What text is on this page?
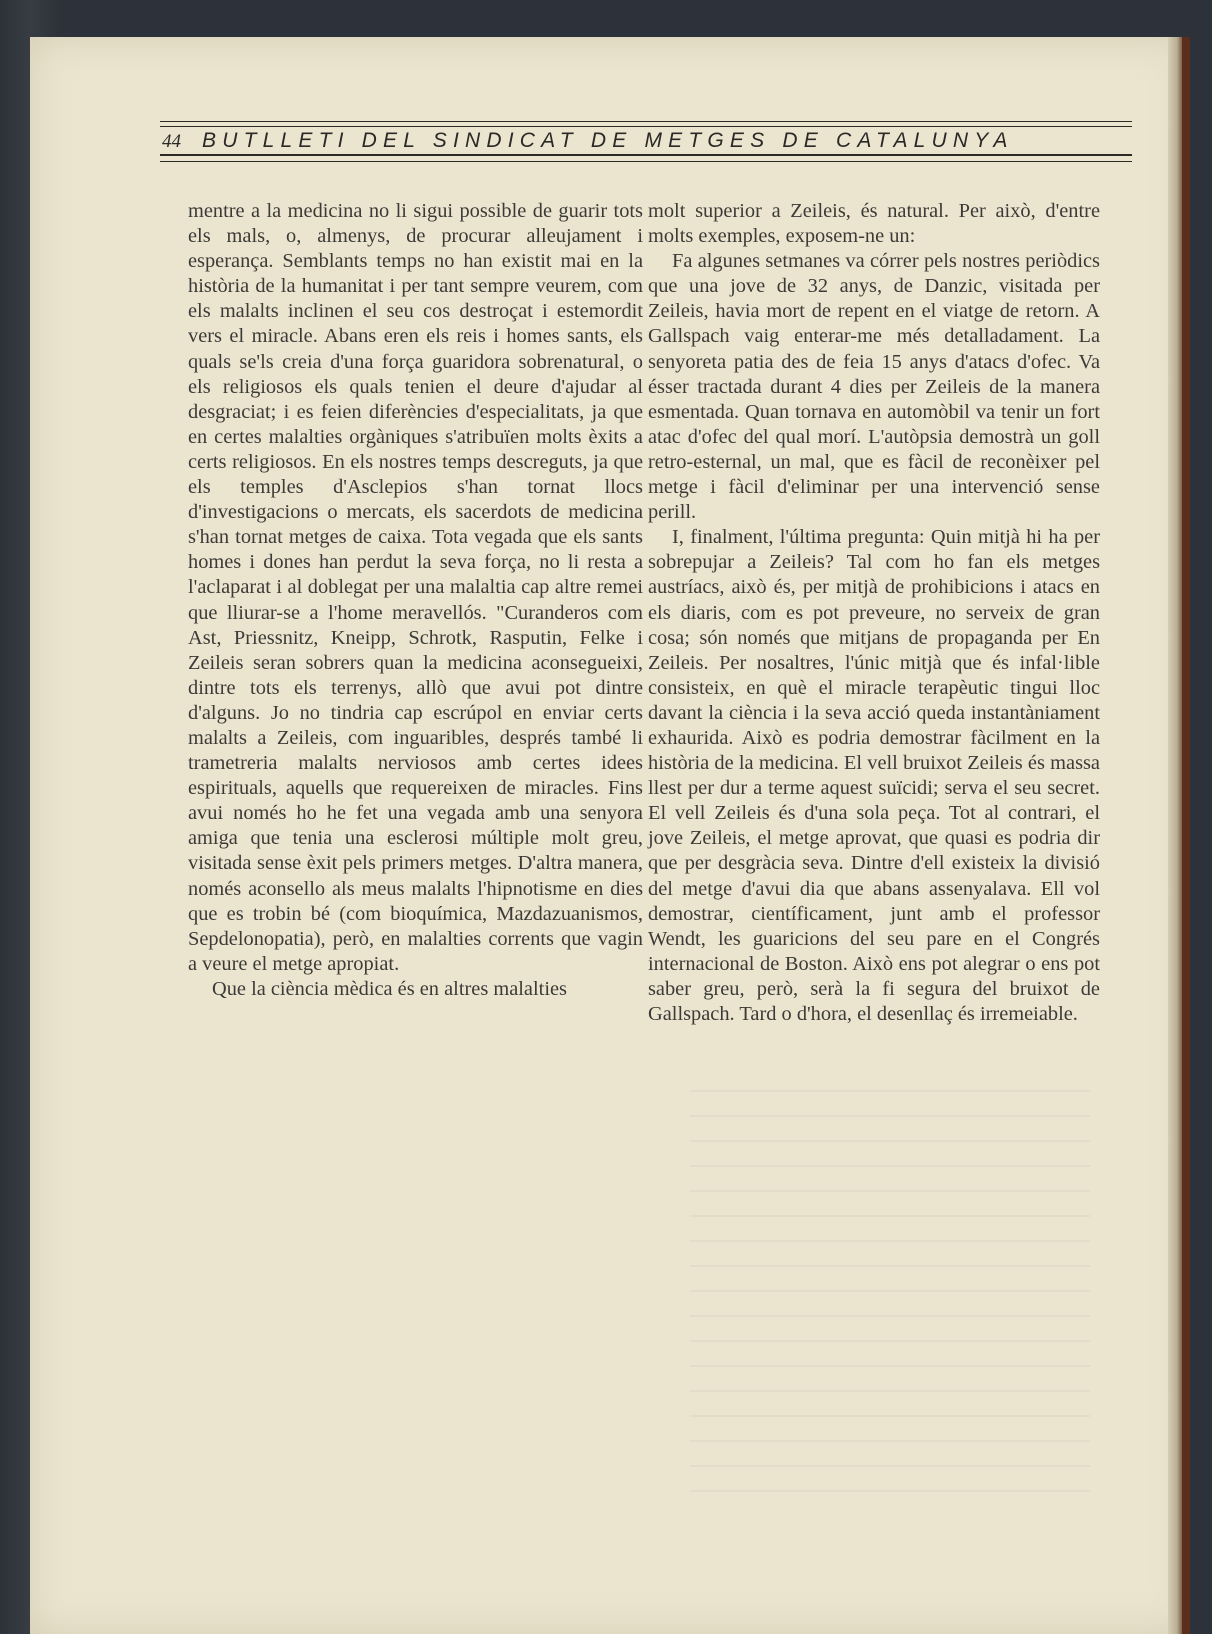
44	BUTLLETI DEL SINDICAT DE METGES DE CATALUNYA

mentre a la medicina no li sigui possible de guarir tots els mals, o, almenys, de procurar alleujament i esperança. Semblants temps no han existit mai en la història de la humanitat i per tant sempre veurem, com els malalts inclinen el seu cos destroçat i estemordit vers el miracle. Abans eren els reis i homes sants, els quals se'ls creia d'una força guaridora sobrenatural, o els religiosos els quals tenien el deure d'ajudar al desgraciat; i es feien diferències d'especialitats, ja que en certes malalties orgàniques s'atribuïen molts èxits a certs religiosos. En els nostres temps descreguts, ja que els temples d'Asclepios s'han tornat llocs d'investigacions o mercats, els sacerdots de medicina s'han tornat metges de caixa. Tota vegada que els sants homes i dones han perdut la seva força, no li resta a l'aclaparat i al doblegat per una malaltia cap altre remei que lliurar-se a l'home meravellós. "Curanderos com Ast, Priessnitz, Kneipp, Schrotk, Rasputin, Felke i Zeileis seran sobrers quan la medicina aconsegueixi, dintre tots els terrenys, allò que avui pot dintre d'alguns. Jo no tindria cap escrúpol en enviar certs malalts a Zeileis, com inguaribles, després també li trametreria malalts nerviosos amb certes idees espirituals, aquells que requereixen de miracles. Fins avui només ho he fet una vegada amb una senyora amiga que tenia una esclerosi múltiple molt greu, visitada sense èxit pels primers metges. D'altra manera, només aconsello als meus malalts l'hipnotisme en dies que es trobin bé (com bioquímica, Mazdazuanismos, Sepdelonopatia), però, en malalties corrents que vagin a veure el metge apropiat.

Que la ciència mèdica és en altres malalties

molt superior a Zeileis, és natural. Per això, d'entre molts exemples, exposem-ne un:

Fa algunes setmanes va córrer pels nostres periòdics que una jove de 32 anys, de Danzic, visitada per Zeileis, havia mort de repent en el viatge de retorn. A Gallspach vaig enterar-me més detalladament. La senyoreta patia des de feia 15 anys d'atacs d'ofec. Va ésser tractada durant 4 dies per Zeileis de la manera esmentada. Quan tornava en automòbil va tenir un fort atac d'ofec del qual morí. L'autòpsia demostrà un goll retro-esternal, un mal, que es fàcil de reconèixer pel metge i fàcil d'eliminar per una intervenció sense perill.

I, finalment, l'última pregunta: Quin mitjà hi ha per sobrepujar a Zeileis? Tal com ho fan els metges austríacs, això és, per mitjà de prohibicions i atacs en els diaris, com es pot preveure, no serveix de gran cosa; són només que mitjans de propaganda per En Zeileis. Per nosaltres, l'únic mitjà que és infal·lible consisteix, en què el miracle terapèutic tingui lloc davant la ciència i la seva acció queda instantàniament exhaurida. Això es podria demostrar fàcilment en la història de la medicina. El vell bruixot Zeileis és massa llest per dur a terme aquest suïcidi; serva el seu secret. El vell Zeileis és d'una sola peça. Tot al contrari, el jove Zeileis, el metge aprovat, que quasi es podria dir que per desgràcia seva. Dintre d'ell existeix la divisió del metge d'avui dia que abans assenyalava. Ell vol demostrar, científicament, junt amb el professor Wendt, les guaricions del seu pare en el Congrés internacional de Boston. Això ens pot alegrar o ens pot saber greu, però, serà la fi segura del bruixot de Gallspach. Tard o d'hora, el desenllaç és irremeiable.
